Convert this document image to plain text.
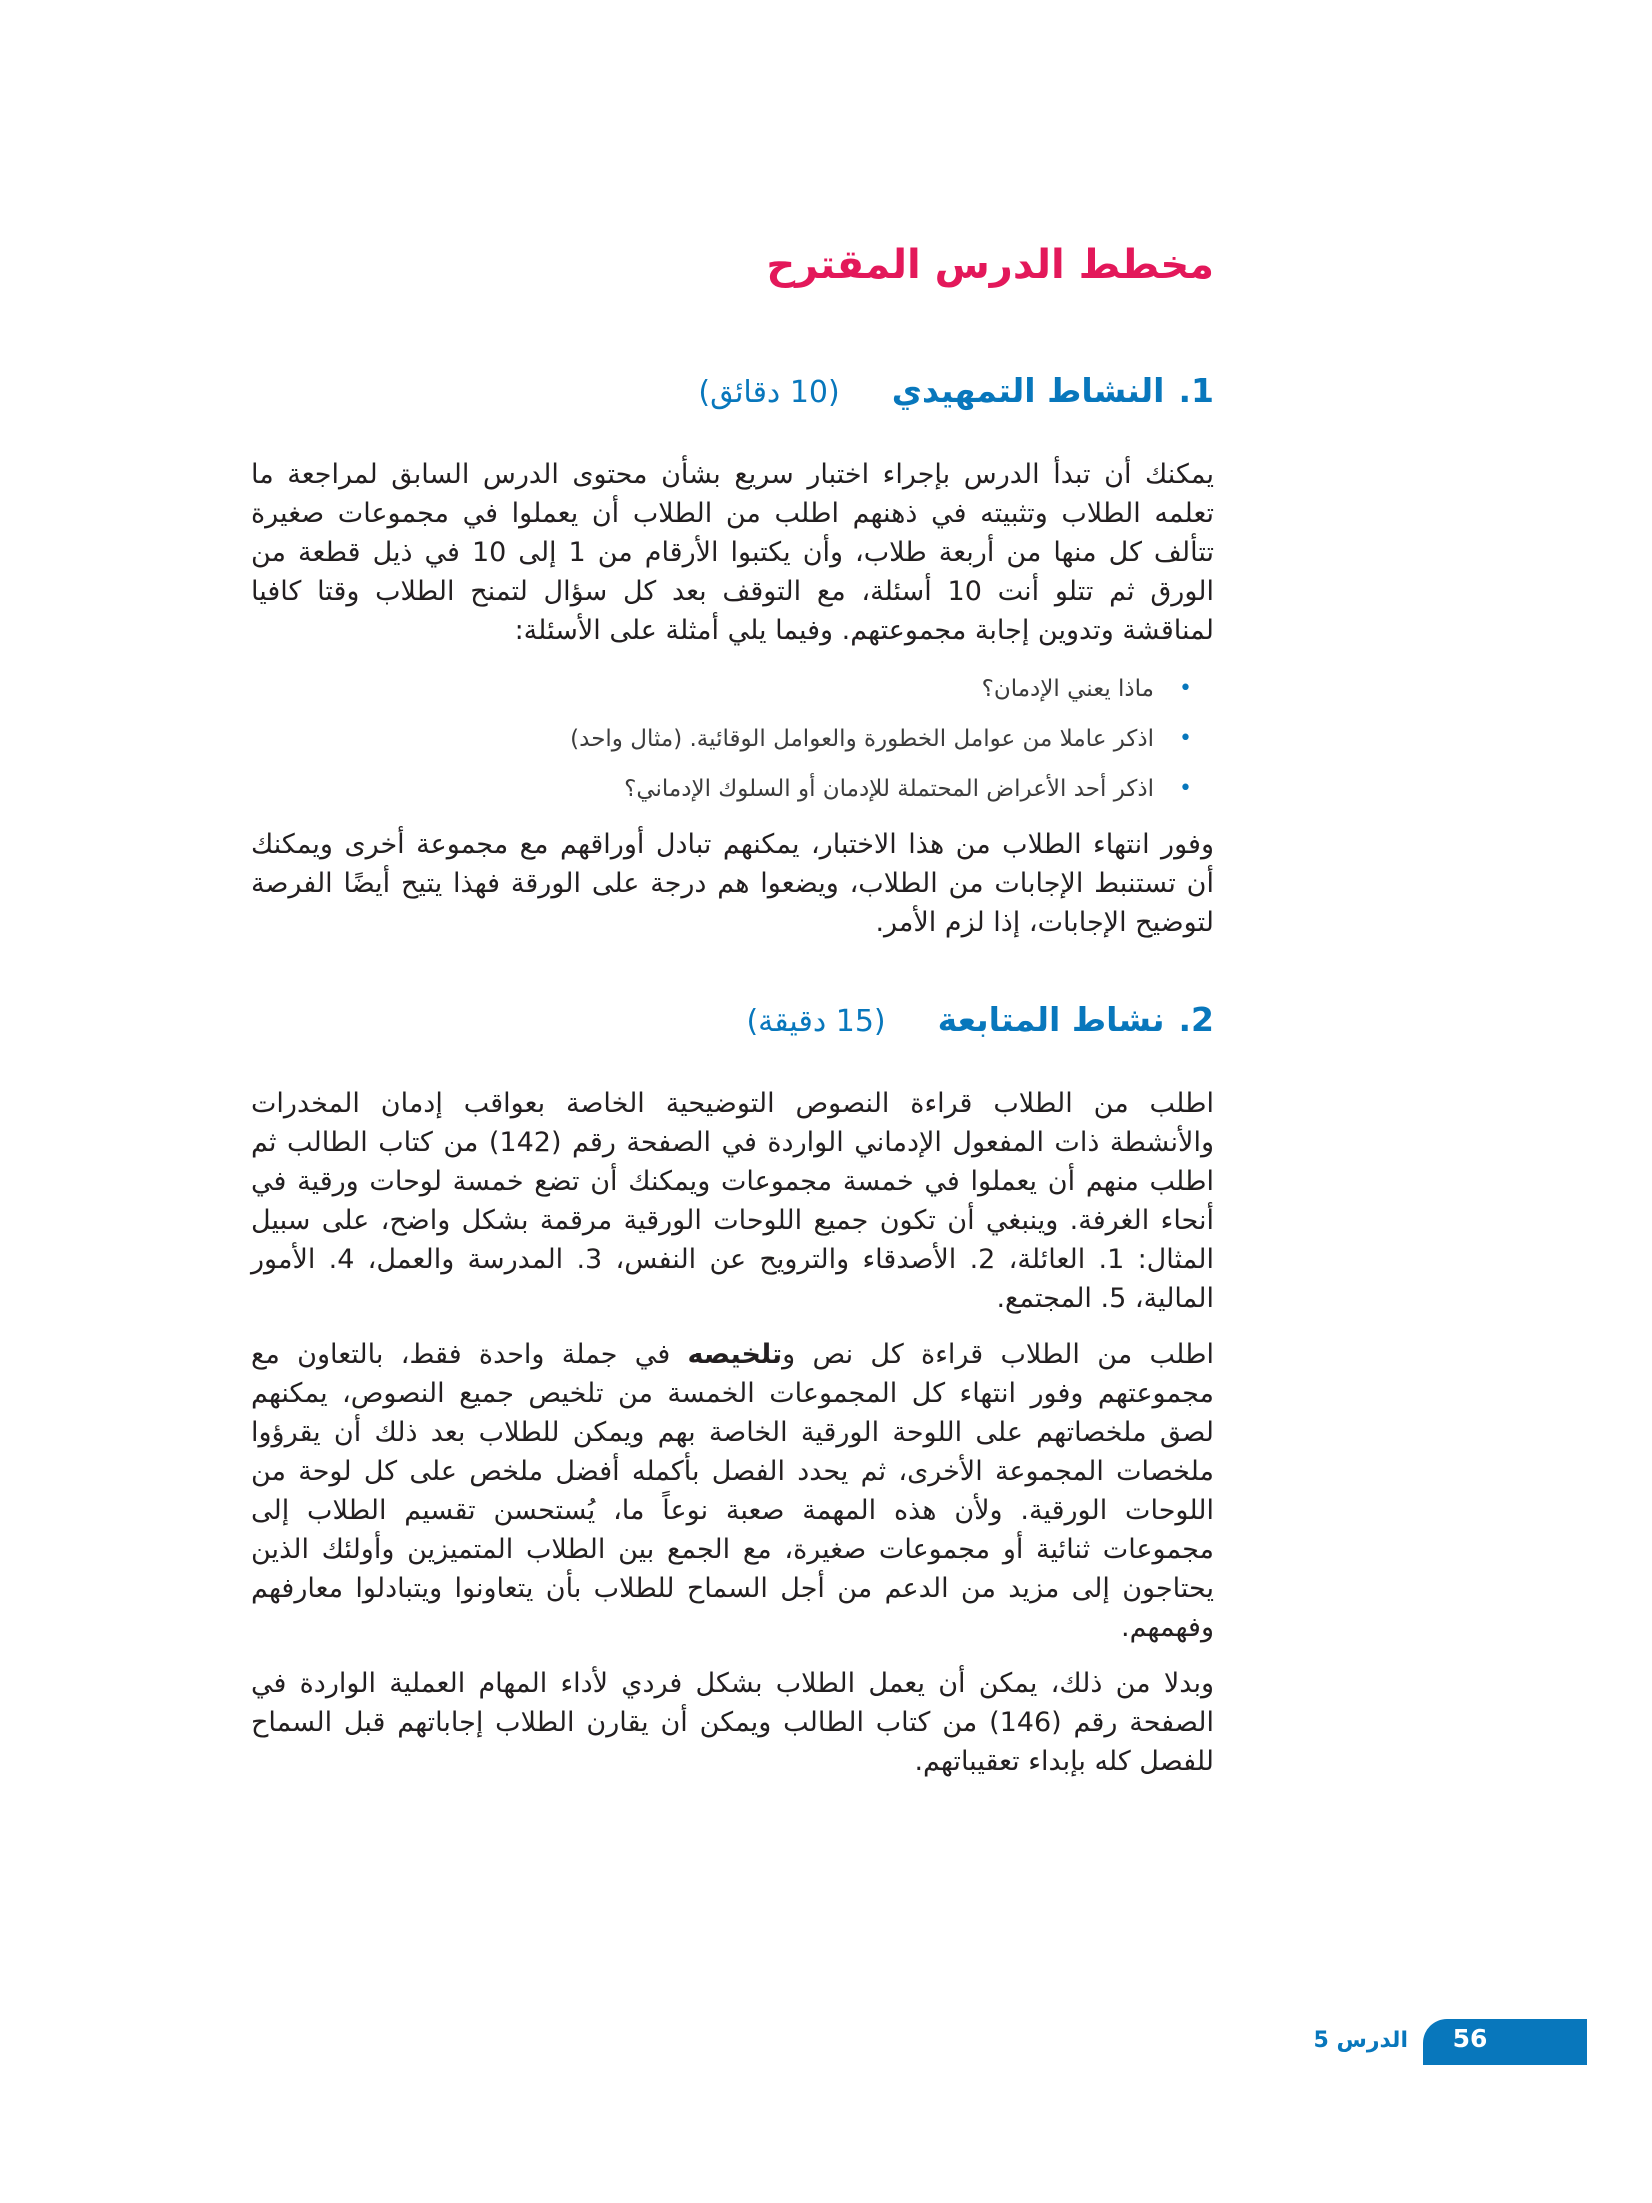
مخطط الدرس المقترح
1.
النشاط التمهيدي
(10 دقائق)

يمكنك أن تبدأ الدرس بإجراء اختبار سريع بشأن محتوى الدرس السابق لمراجعة ما تعلمه الطلاب وتثبيته في ذهنهم اطلب من الطلاب أن يعملوا في مجموعات صغيرة تتألف كل منها من أربعة طلاب، وأن يكتبوا الأرقام من 1 إلى 10 في ذيل قطعة من الورق ثم تتلو أنت 10 أسئلة، مع التوقف بعد كل سؤال لتمنح الطلاب وقتا كافيا لمناقشة وتدوين إجابة مجموعتهم. وفيما يلي أمثلة على الأسئلة:

• ماذا يعني الإدمان؟
• اذكر عاملا من عوامل الخطورة والعوامل الوقائية. (مثال واحد)
• اذكر أحد الأعراض المحتملة للإدمان أو السلوك الإدماني؟

وفور انتهاء الطلاب من هذا الاختبار، يمكنهم تبادل أوراقهم مع مجموعة أخرى ويمكنك أن تستنبط الإجابات من الطلاب، ويضعوا هم درجة على الورقة فهذا يتيح أيضًا الفرصة لتوضيح الإجابات، إذا لزم الأمر.

2.
نشاط المتابعة
(15 دقيقة)

اطلب من الطلاب قراءة النصوص التوضيحية الخاصة بعواقب إدمان المخدرات والأنشطة ذات المفعول الإدماني الواردة في الصفحة رقم (142) من كتاب الطالب ثم اطلب منهم أن يعملوا في خمسة مجموعات ويمكنك أن تضع خمسة لوحات ورقية في أنحاء الغرفة. وينبغي أن تكون جميع اللوحات الورقية مرقمة بشكل واضح، على سبيل المثال: 1. العائلة، 2. الأصدقاء والترويح عن النفس، 3. المدرسة والعمل، 4. الأمور المالية، 5. المجتمع.

اطلب من الطلاب قراءة كل نص وتلخيصه في جملة واحدة فقط، بالتعاون مع مجموعتهم وفور انتهاء كل المجموعات الخمسة من تلخيص جميع النصوص، يمكنهم لصق ملخصاتهم على اللوحة الورقية الخاصة بهم ويمكن للطلاب بعد ذلك أن يقرؤوا ملخصات المجموعة الأخرى، ثم يحدد الفصل بأكمله أفضل ملخص على كل لوحة من اللوحات الورقية. ولأن هذه المهمة صعبة نوعاً ما، يُستحسن تقسيم الطلاب إلى مجموعات ثنائية أو مجموعات صغيرة، مع الجمع بين الطلاب المتميزين وأولئك الذين يحتاجون إلى مزيد من الدعم من أجل السماح للطلاب بأن يتعاونوا ويتبادلوا معارفهم وفهمهم.

وبدلا من ذلك، يمكن أن يعمل الطلاب بشكل فردي لأداء المهام العملية الواردة في الصفحة رقم (146) من كتاب الطالب ويمكن أن يقارن الطلاب إجاباتهم قبل السماح للفصل كله بإبداء تعقيباتهم.

56
الدرس 5
